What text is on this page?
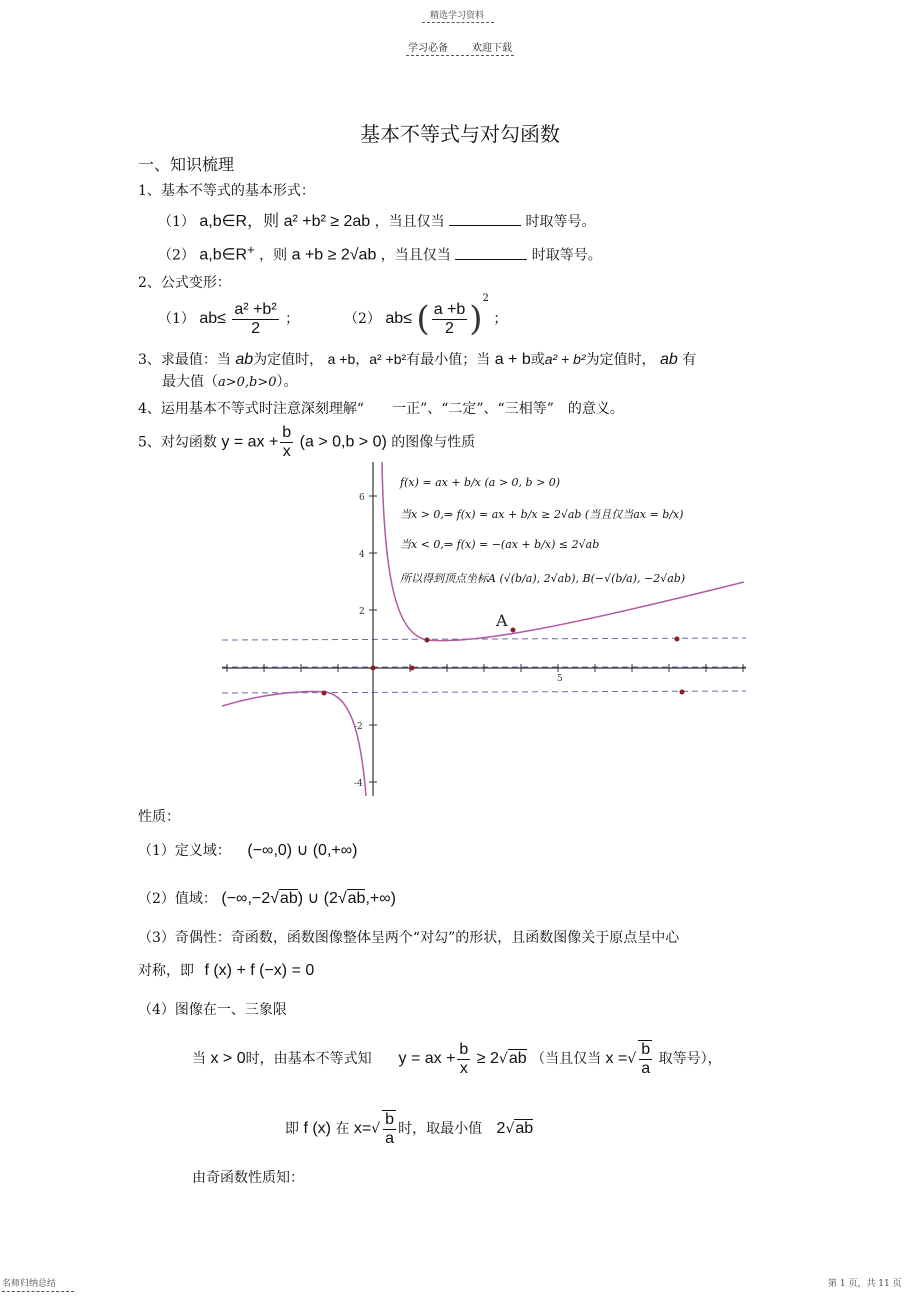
精选学习资料
学习必备 欢迎下载
基本不等式与对勾函数
一、知识梳理
1、基本不等式的基本形式：
（1） a,b∈R，则 a² +b² ≥ 2ab ，当且仅当	时取等号。
（2） a,b∈R+ ，则 a +b ≥ 2√ab ，当且仅当	时取等号。
2、公式变形：
（1） $ab\le \frac{\text{a² +b²}}{2}$ ；	（2） ab≤ ( $\frac{a +b}{2} )^2$ ；
3、求最值：当 ab为定值时， a +b，a² +b²有最小值；当 a + b或a² + b²为定值时， ab 有
最大值（a>0,b>0）。
4、运用基本不等式时注意深刻理解“　　一正”、“二定”、“三相等”　的意义。
5、对勾函数 y = ax + $\frac{b}{x} (a > 0,b > 0)$ 的图像与性质
6
4
2
-2
-4
5
A
f(x) = ax + b/x (a > 0, b > 0)
当x > 0,⇒ f(x) = ax + b/x ≥ 2√ab (当且仅当ax = b/x)
当x < 0,⇒ f(x) = −(ax + b/x) ≤ 2√ab
所以得到顶点坐标A (√(b/a), 2√ab), B(−√(b/a), −2√ab)
性质：
（1）定义域： (−∞,0) ∪ (0,+∞)
（2）值域： (−∞,−2√ab) ∪ (2√ab,+∞)
（3）奇偶性：奇函数，函数图像整体呈两个“对勾”的形状，且函数图像关于原点呈中心
对称，即 f (x) + f (−x) = 0
（4）图像在一、三象限
当 x > 0时，由基本不等式知 y = ax + $\frac{b}{x} \ge 2√ab$ （当且仅当 x =√ $\frac{b}{a}$ 取等号），
即 f (x) 在 $x=√ \frac{b}{a}$ 时，取最小值 2√ab
由奇函数性质知：
名师归纳总结	第 1 页，共 11 页
